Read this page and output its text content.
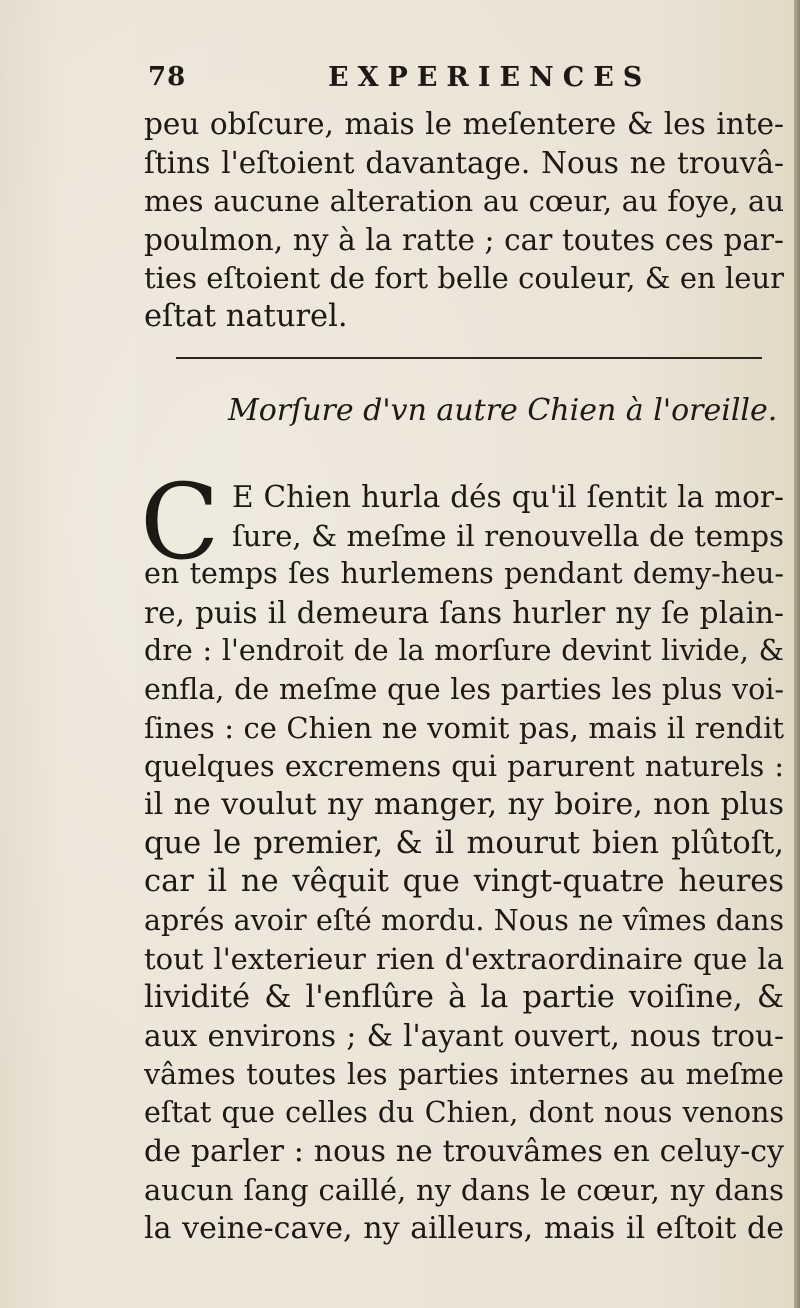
78	EXPERIENCES
peu obſcure, mais le meſentere & les inte-
ſtins l'eſtoient davantage. Nous ne trouvâ-
mes aucune alteration au cœur, au foye, au
poulmon, ny à la ratte ; car toutes ces par-
ties eſtoient de fort belle couleur, & en leur
eſtat naturel.
Morſure d'vn autre Chien à l'oreille.
C E Chien hurla dés qu'il ſentit la mor-
ſure, & meſme il renouvella de temps
en temps ſes hurlemens pendant demy-heu-
re, puis il demeura ſans hurler ny ſe plain-
dre : l'endroit de la morſure devint livide, &
enfla, de meſme que les parties les plus voi-
ſines : ce Chien ne vomit pas, mais il rendit
quelques excremens qui parurent naturels :
il ne voulut ny manger, ny boire, non plus
que le premier, & il mourut bien plûtoſt,
car il ne vêquit que vingt-quatre heures
aprés avoir eſté mordu. Nous ne vîmes dans
tout l'exterieur rien d'extraordinaire que la
lividité & l'enflûre à la partie voiſine, &
aux environs ; & l'ayant ouvert, nous trou-
vâmes toutes les parties internes au meſme
eſtat que celles du Chien, dont nous venons
de parler : nous ne trouvâmes en celuy-cy
aucun ſang caillé, ny dans le cœur, ny dans
la veine-cave, ny ailleurs, mais il eſtoit de
